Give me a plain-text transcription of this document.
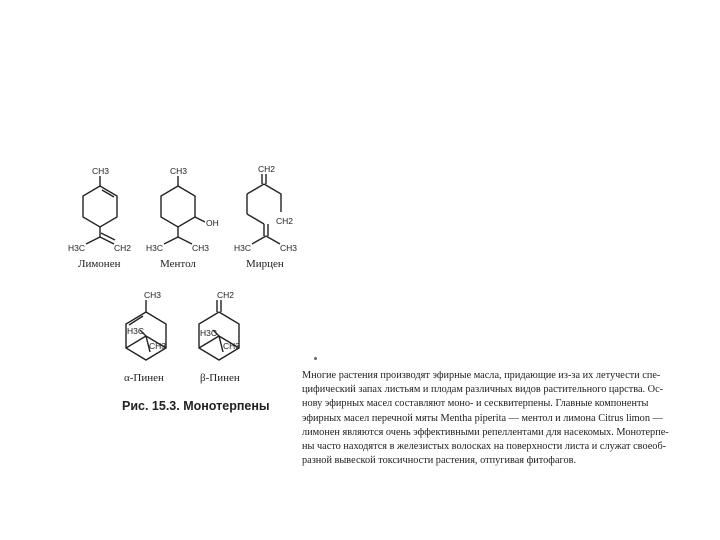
CH3
H3C	CH2
Лимонен
CH3
OH
H3C	CH3
Ментол
CH2
CH2
H3C	CH3
Мирцен
CH3
H3C
CH3
α-Пинен
CH2
H3C
CH3
β-Пинен
Рис. 15.3. Монотерпены
Многие растения производят эфирные масла, придающие из-за их летучести спе-
цифический запах листьям и плодам различных видов растительного царства. Ос-
нову эфирных масел составляют моно- и сесквитерпены. Главные компоненты
эфирных масел перечной мяты Mentha piperita — ментол и лимона Citrus limon —
лимонен являются очень эффективными репеллентами для насекомых. Монотерпе-
ны часто находятся в железистых волосках на поверхности листа и служат своеоб-
разной вывеской токсичности растения, отпугивая фитофагов.
